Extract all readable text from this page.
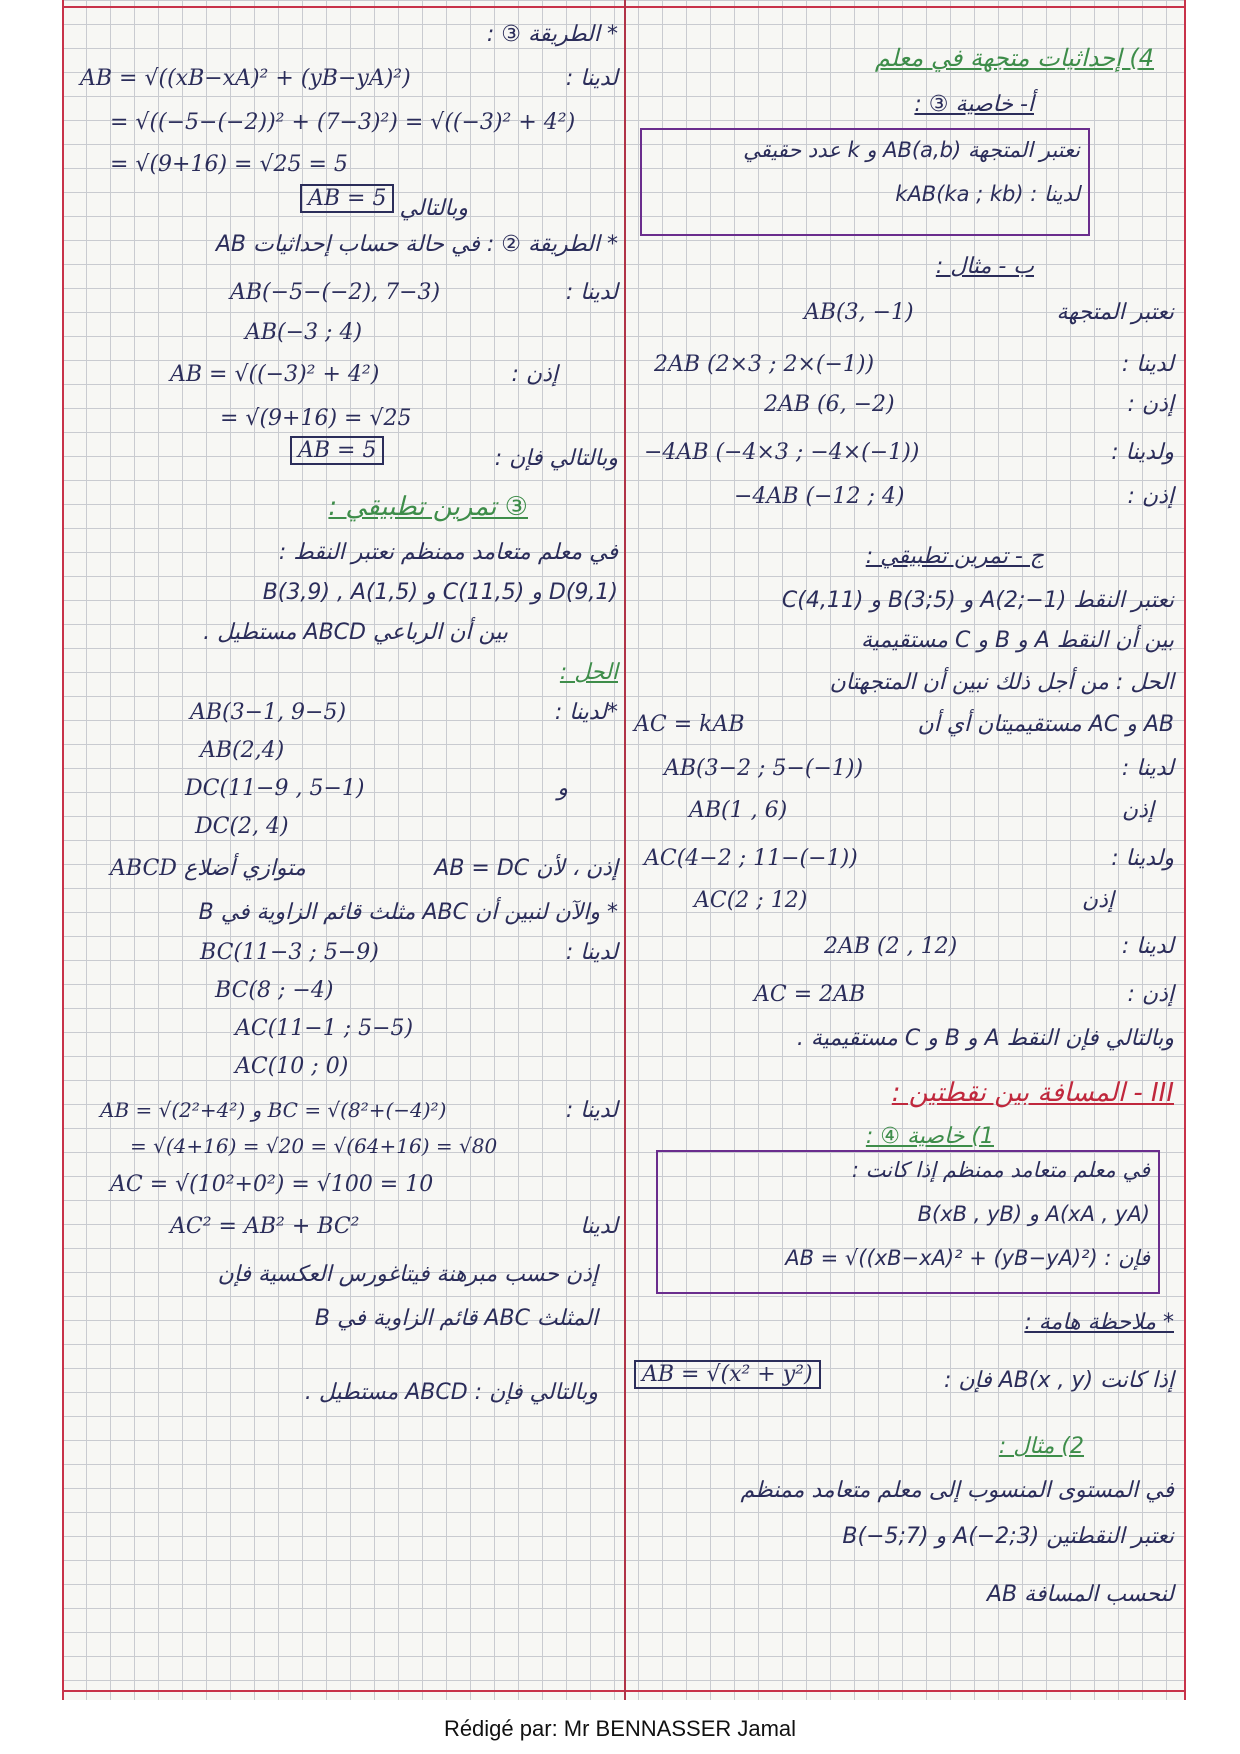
* الطريقة ③ :
لدينا :
AB = √((xB−xA)² + (yB−yA)²)
= √((−5−(−2))² + (7−3)²) = √((−3)² + 4²)
= √(9+16) = √25 = 5
وبالتالي
AB = 5
* الطريقة ② : في حالة حساب إحداثيات AB
لدينا :
AB(−5−(−2), 7−3)
AB(−3 ; 4)
إذن :
AB = √((−3)² + 4²)
= √(9+16) = √25
وبالتالي فإن :
AB = 5
③ تمرين تطبيقي :
في معلم متعامد ممنظم نعتبر النقط :
D(9,1) و C(11,5) و B(3,9) , A(1,5)
بين أن الرباعي ABCD مستطيل .
الحل :
*لدينا :
AB(3−1, 9−5)
AB(2,4)
و
DC(11−9 , 5−1)
DC(2, 4)
إذن ، لأن AB = DC
ABCD متوازي أضلاع
* والآن لنبين أن ABC مثلث قائم الزاوية في B
لدينا :
BC(11−3 ; 5−9)
BC(8 ; −4)
AC(11−1 ; 5−5)
AC(10 ; 0)
لدينا :
AB = √(2²+4²) و BC = √(8²+(−4)²)
= √(4+16) = √20 = √(64+16) = √80
AC = √(10²+0²) = √100 = 10
لدينا
AC² = AB² + BC²
إذن حسب مبرهنة فيتاغورس العكسية فإن
المثلث ABC قائم الزاوية في B
وبالتالي فإن : ABCD مستطيل .
4) إحداثيات متجهة في معلم
أ- خاصية ③ :
نعتبر المتجهة AB(a,b) و k عدد حقيقي
لدينا : kAB(ka ; kb)
ب - مثال :
نعتبر المتجهة
AB(3, −1)
لدينا :
2AB (2×3 ; 2×(−1))
إذن :
2AB (6, −2)
ولدينا :
−4AB (−4×3 ; −4×(−1))
إذن :
−4AB (−12 ; 4)
ج - تمرين تطبيقي :
نعتبر النقط A(2;−1) و B(3;5) و C(4,11)
بين أن النقط A و B و C مستقيمية
الحل : من أجل ذلك نبين أن المتجهتان
AB و AC مستقيميتان أي أن
AC = kAB
لدينا :
AB(3−2 ; 5−(−1))
إذن
AB(1 , 6)
ولدينا :
AC(4−2 ; 11−(−1))
إذن
AC(2 ; 12)
لدينا :
2AB (2 , 12)
إذن :
AC = 2AB
وبالتالي فإن النقط A و B و C مستقيمية .
III - المسافة بين نقطتين :
1) خاصية ④ :
في معلم متعامد ممنظم إذا كانت :
A(xA , yA) و B(xB , yB)
فإن : AB = √((xB−xA)² + (yB−yA)²)
* ملاحظة هامة :
إذا كانت AB(x , y) فإن :
AB = √(x² + y²)
2) مثال :
في المستوى المنسوب إلى معلم متعامد ممنظم
نعتبر النقطتين A(−2;3) و B(−5;7)
لنحسب المسافة AB
Rédigé par: Mr BENNASSER Jamal
